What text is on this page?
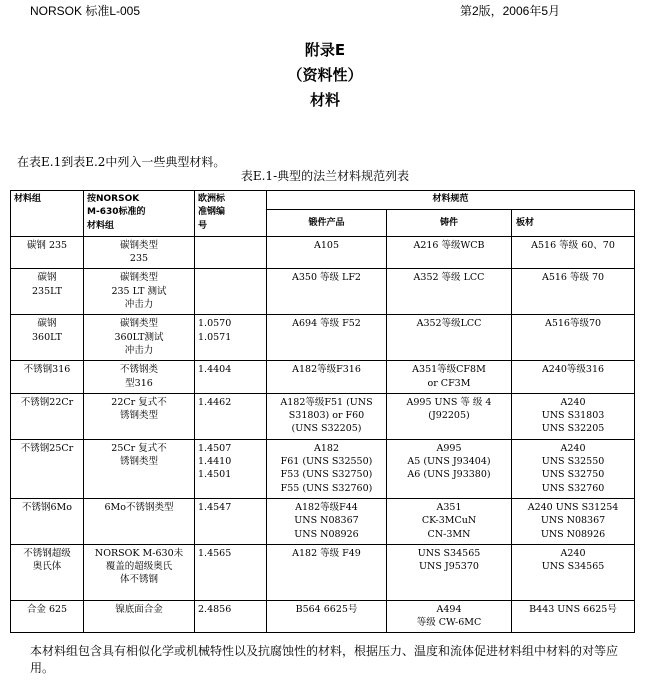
NORSOK 标准L-005	第2版，2006年5月
附录E
（资料性）
材料
在表E.1到表E.2中列入一些典型材料。
表E.1-典型的法兰材料规范列表
材料组	按NORSOK
M-630标准的
材料组	欧洲标
准钢编
号	材料规范		
			锻件产品	铸件	板材

碳钢 235	碳钢类型
235		A105	A216 等级WCB	A516 等级 60、70

碳钢
235LT	碳钢类型
235 LT 测试
冲击力		A350 等级 LF2	A352 等级 LCC	A516 等级 70

碳钢
360LT	碳钢类型
360LT测试
冲击力	1.0570
1.0571	A694 等级 F52	A352等级LCC	A516等级70

不锈钢316	不锈钢类
型316	1.4404	A182等级F316	A351等级CF8M
or CF3M	A240等级316

不锈钢22Cr	22Cr 复式不
锈钢类型	1.4462	A182等级F51 (UNS
S31803) or F60
(UNS S32205)	A995 UNS 等 级 4
(J92205)	A240
UNS S31803
UNS S32205

不锈钢25Cr	25Cr 复式不
锈钢类型	1.4507
1.4410
1.4501	A182
F61 (UNS S32550)
F53 (UNS S32750)
F55 (UNS S32760)	A995
A5 (UNS J93404)
A6 (UNS J93380)	A240
UNS S32550
UNS S32750
UNS S32760

不锈钢6Mo	6Mo不锈钢类型	1.4547	A182等级F44
UNS N08367
UNS N08926	A351
CK-3MCuN
CN-3MN	A240 UNS S31254
UNS N08367
UNS N08926

不锈钢超级
奥氏体	NORSOK M-630未
覆盖的超级奥氏
体不锈钢	1.4565	A182 等级 F49	UNS S34565
UNS J95370	A240
UNS S34565

合金 625	镍底面合金	2.4856	B564 6625号	A494
等级 CW-6MC	B443 UNS 6625号
本材料组包含具有相似化学或机械特性以及抗腐蚀性的材料，根据压力、温度和流体促进材料组中材料的对等应用。
